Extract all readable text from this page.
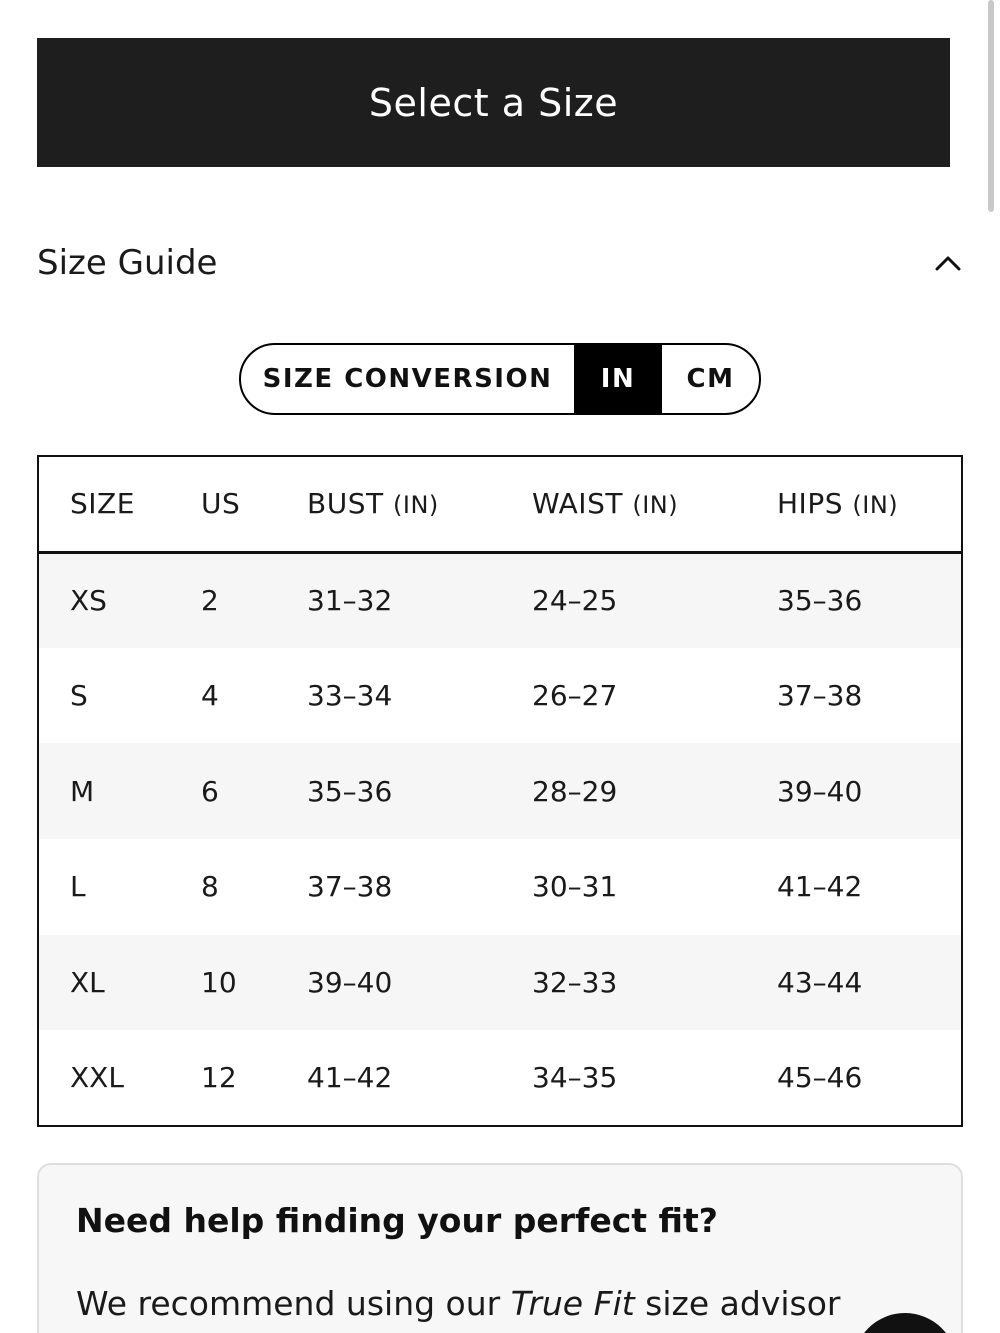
Select a Size
Size Guide
SIZE CONVERSION	IN	CM
SIZE	US	BUST (IN)	WAIST (IN)	HIPS (IN)
XS	2	31–32	24–25	35–36
S	4	33–34	26–27	37–38
M	6	35–36	28–29	39–40
L	8	37–38	30–31	41–42
XL	10	39–40	32–33	43–44
XXL	12	41–42	34–35	45–46
Need help finding your perfect fit?
We recommend using our True Fit size advisor
